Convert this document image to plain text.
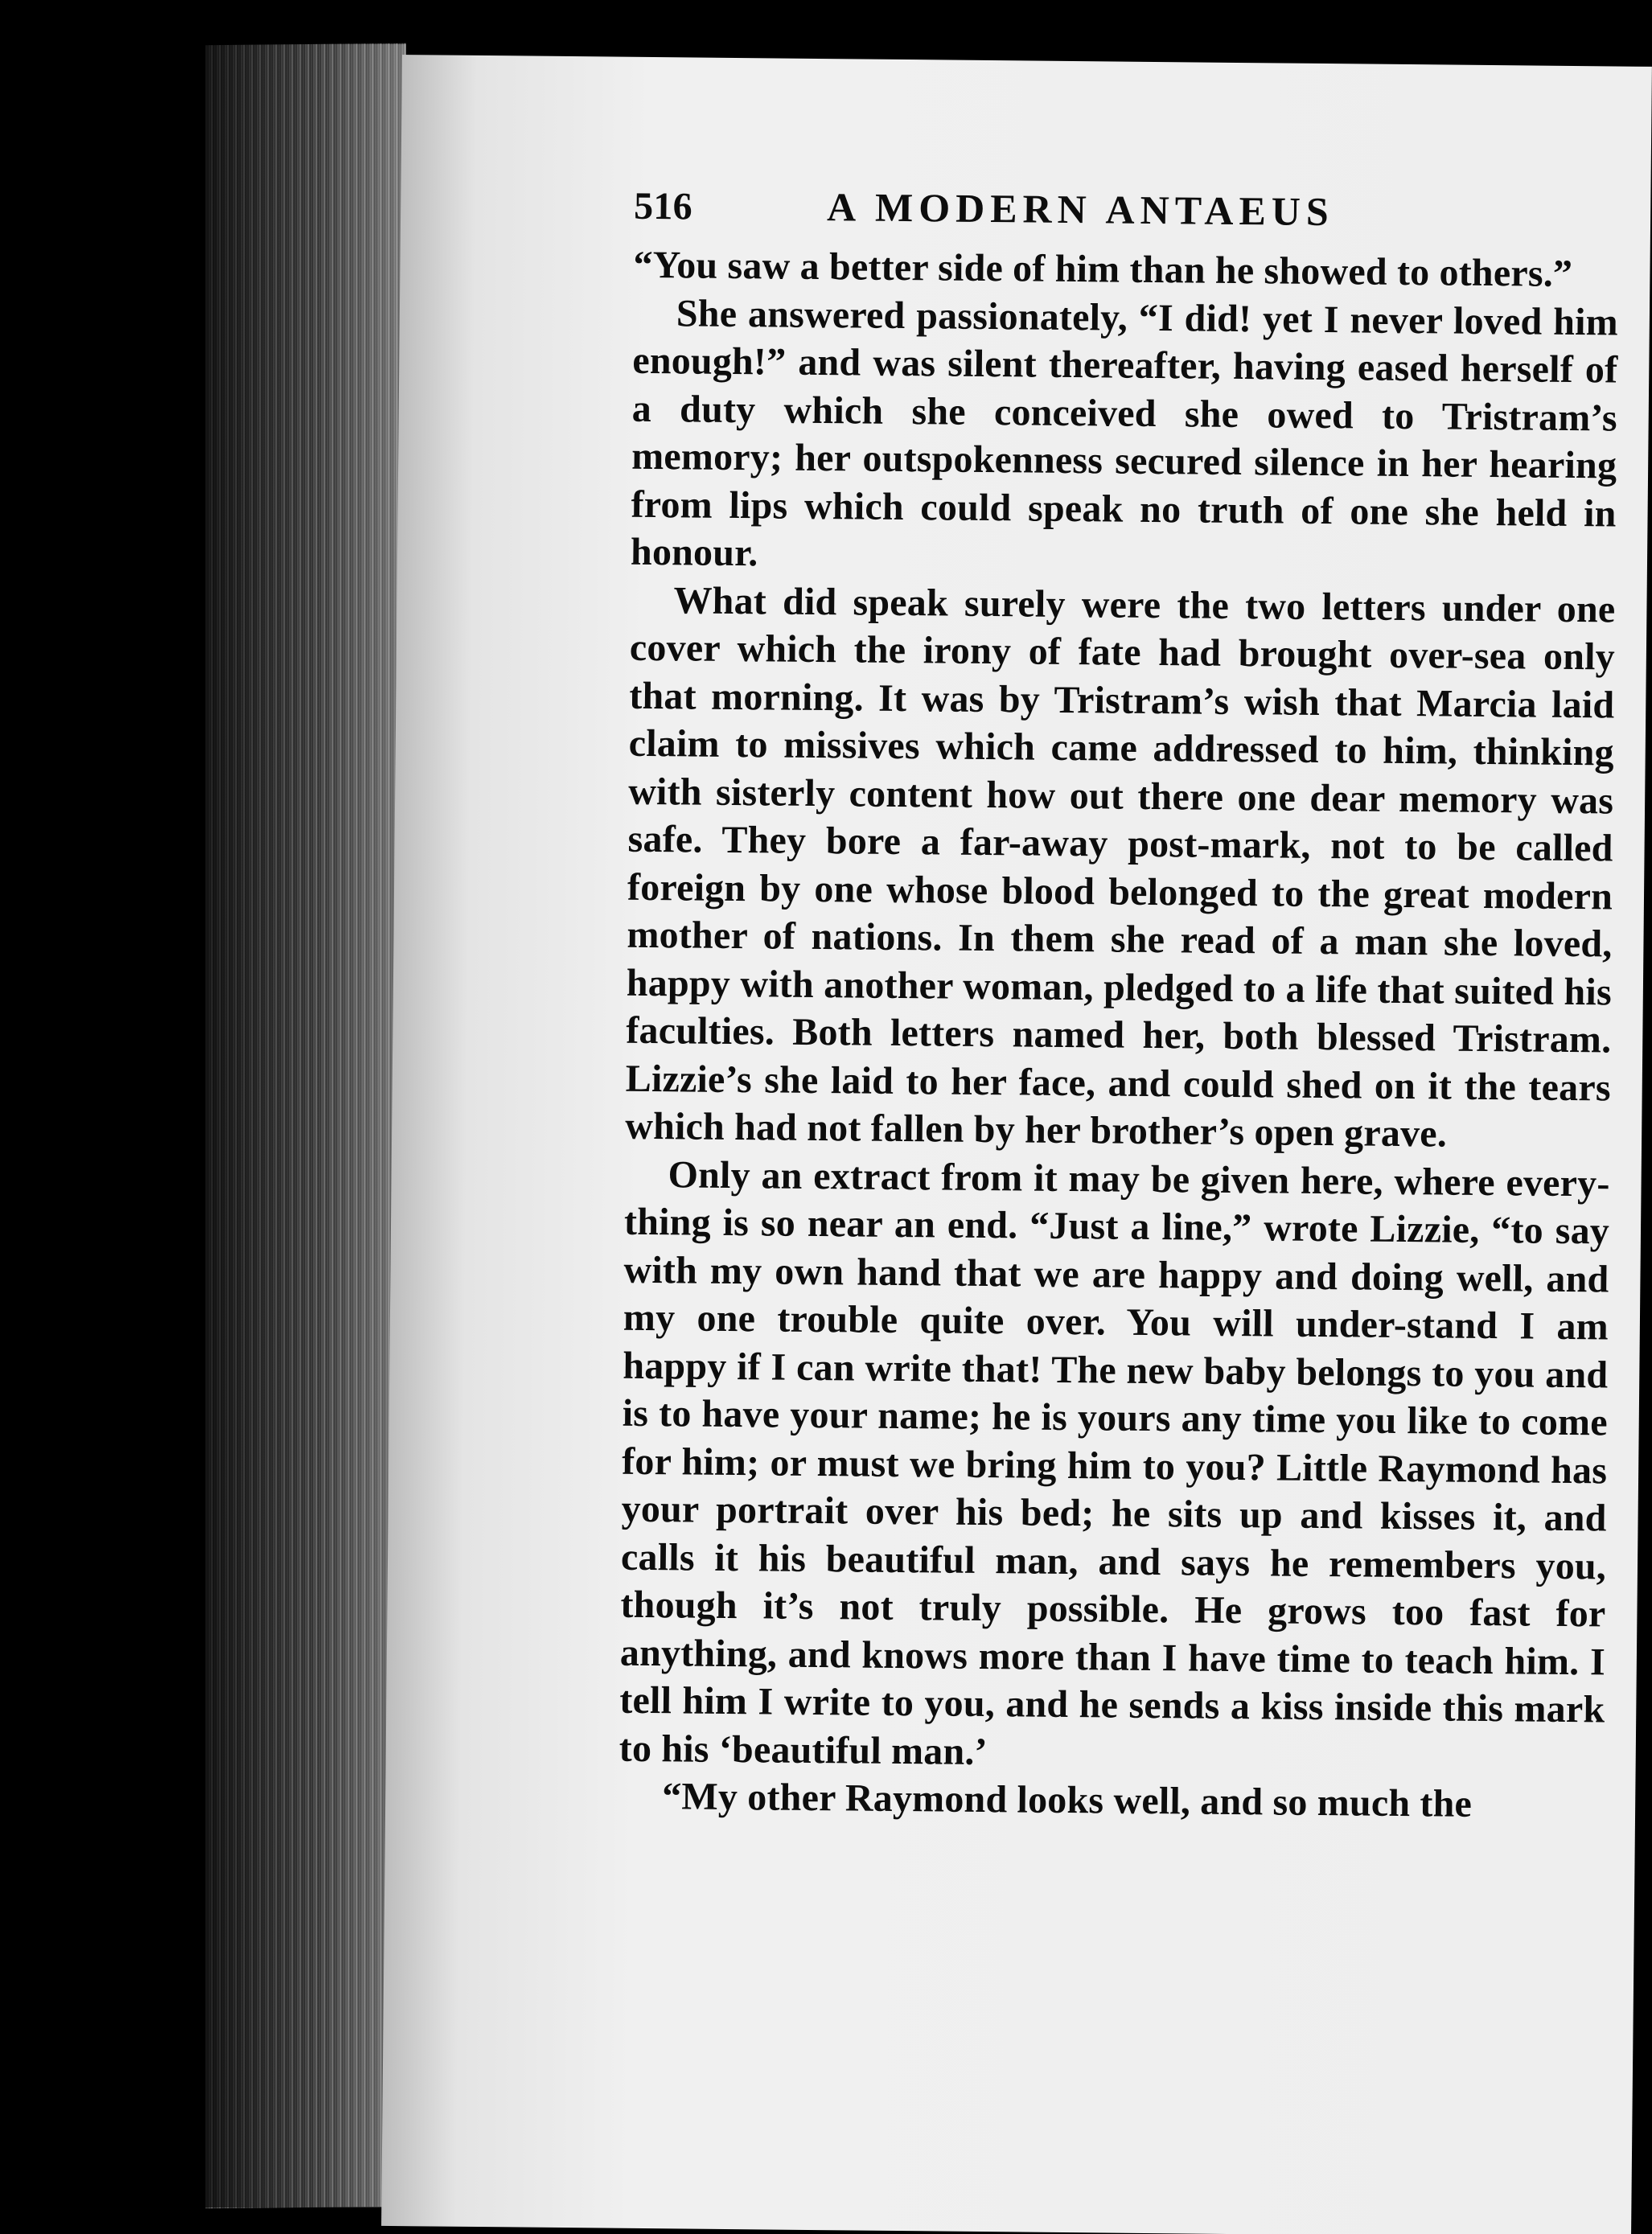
516	A MODERN ANTAEUS

“You saw a better side of him than he showed to others.”

She answered passionately, “I did! yet I never loved him enough!” and was silent thereafter, having eased herself of a duty which she conceived she owed to Tristram’s memory; her outspokenness secured silence in her hearing from lips which could speak no truth of one she held in honour.

What did speak surely were the two letters under one cover which the irony of fate had brought over-sea only that morning. It was by Tristram’s wish that Marcia laid claim to missives which came addressed to him, thinking with sisterly content how out there one dear memory was safe. They bore a far-away post-mark, not to be called foreign by one whose blood belonged to the great modern mother of nations. In them she read of a man she loved, happy with another woman, pledged to a life that suited his faculties. Both letters named her, both blessed Tristram. Lizzie’s she laid to her face, and could shed on it the tears which had not fallen by her brother’s open grave.

Only an extract from it may be given here, where every-thing is so near an end. “Just a line,” wrote Lizzie, “to say with my own hand that we are happy and doing well, and my one trouble quite over. You will under-stand I am happy if I can write that! The new baby belongs to you and is to have your name; he is yours any time you like to come for him; or must we bring him to you? Little Raymond has your portrait over his bed; he sits up and kisses it, and calls it his beautiful man, and says he remembers you, though it’s not truly possible. He grows too fast for anything, and knows more than I have time to teach him. I tell him I write to you, and he sends a kiss inside this mark to his ‘beautiful man.’

“My other Raymond looks well, and so much the
